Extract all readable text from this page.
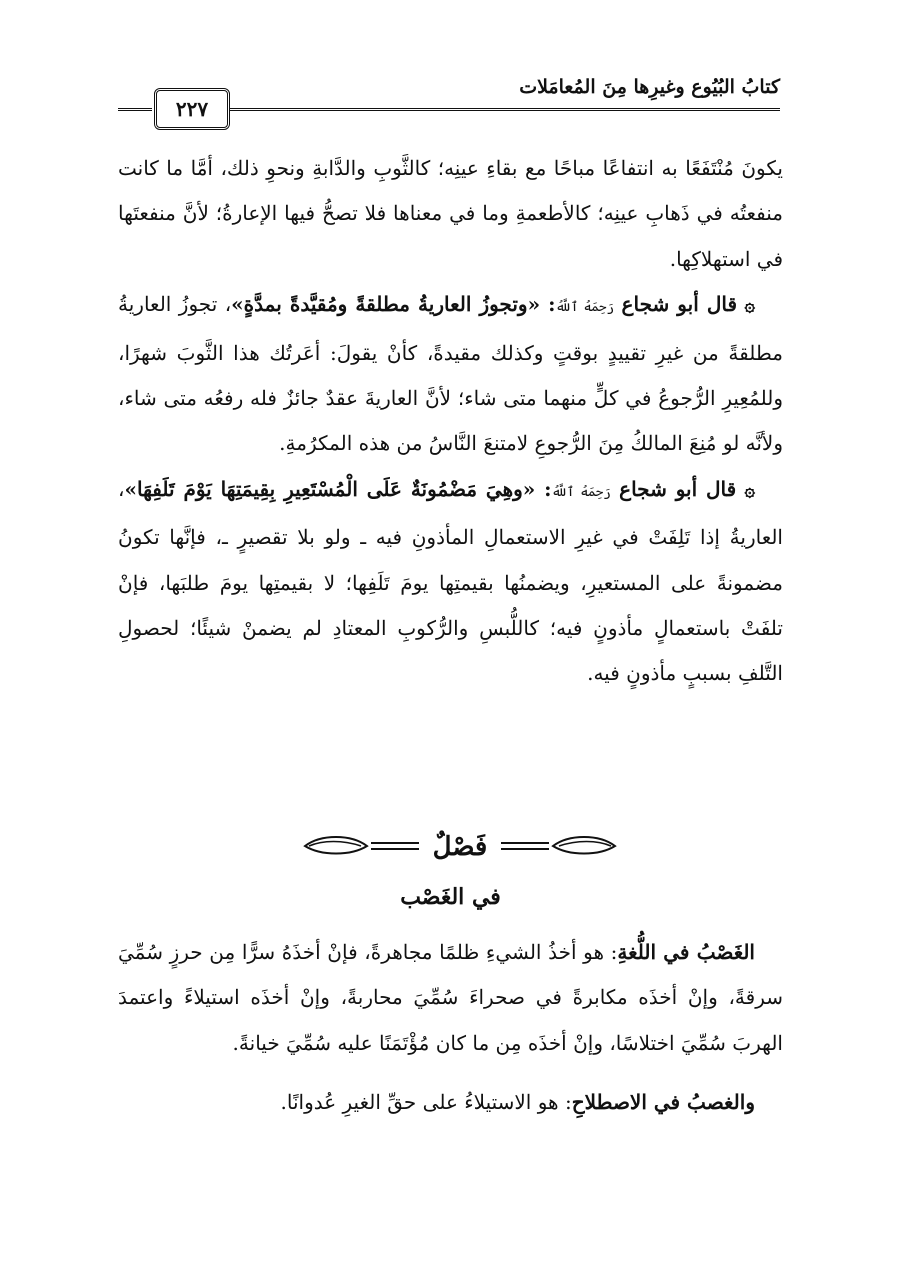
كتابُ البُيُوع وغيرِها مِنَ المُعامَلات
٢٢٧

يكونَ مُنْتَفَعًا به انتفاعًا مباحًا مع بقاءِ عينِه؛ كالثَّوبِ والدَّابةِ ونحوِ ذلك، أمَّا ما كانت منفعتُه في ذَهابِ عينِه؛ كالأطعمةِ وما في معناها فلا تصحُّ فيها الإعارةُ؛ لأنَّ منفعتَها في استهلاكِها.

۞ قال أبو شجاع رَحِمَهُ ٱللَّهُ: «وتجوزُ العاريةُ مطلقةً ومُقيَّدةً بمدَّةٍ»، تجوزُ العاريةُ مطلقةً من غيرِ تقييدٍ بوقتٍ وكذلك مقيدةً، كأنْ يقولَ: أعَرتُك هذا الثَّوبَ شهرًا، وللمُعِيرِ الرُّجوعُ في كلٍّ منهما متى شاء؛ لأنَّ العاريةَ عقدٌ جائزٌ فله رفعُه متى شاء، ولأنَّه لو مُنِعَ المالكُ مِنَ الرُّجوعِ لامتنعَ النَّاسُ من هذه المكرُمةِ.

۞ قال أبو شجاع رَحِمَهُ ٱللَّهُ: «وهِيَ مَضْمُونَةٌ عَلَى الْمُسْتَعِيرِ بِقِيمَتِهَا يَوْمَ تَلَفِهَا»، العاريةُ إذا تَلِفَتْ في غيرِ الاستعمالِ المأذونِ فيه ـ ولو بلا تقصيرٍ ـ، فإنَّها تكونُ مضمونةً على المستعيرِ، ويضمنُها بقيمتِها يومَ تَلَفِها؛ لا بقيمتِها يومَ طلبَها، فإنْ تلفَتْ باستعمالٍ مأذونٍ فيه؛ كاللُّبسِ والرُّكوبِ المعتادِ لم يضمنْ شيئًا؛ لحصولِ التَّلفِ بسببٍ مأذونٍ فيه.

فَصْلٌ
في الغَصْب

الغَصْبُ في اللُّغةِ: هو أخذُ الشيءِ ظلمًا مجاهرةً، فإنْ أخذَهُ سرًّا مِن حرزٍ سُمِّيَ سرقةً، وإنْ أخذَه مكابرةً في صحراءَ سُمِّيَ محاربةً، وإنْ أخذَه استيلاءً واعتمدَ الهربَ سُمِّيَ اختلاسًا، وإنْ أخذَه مِن ما كان مُؤْتَمَنًا عليه سُمِّيَ خيانةً.

والغصبُ في الاصطلاحِ: هو الاستيلاءُ على حقِّ الغيرِ عُدوانًا.
